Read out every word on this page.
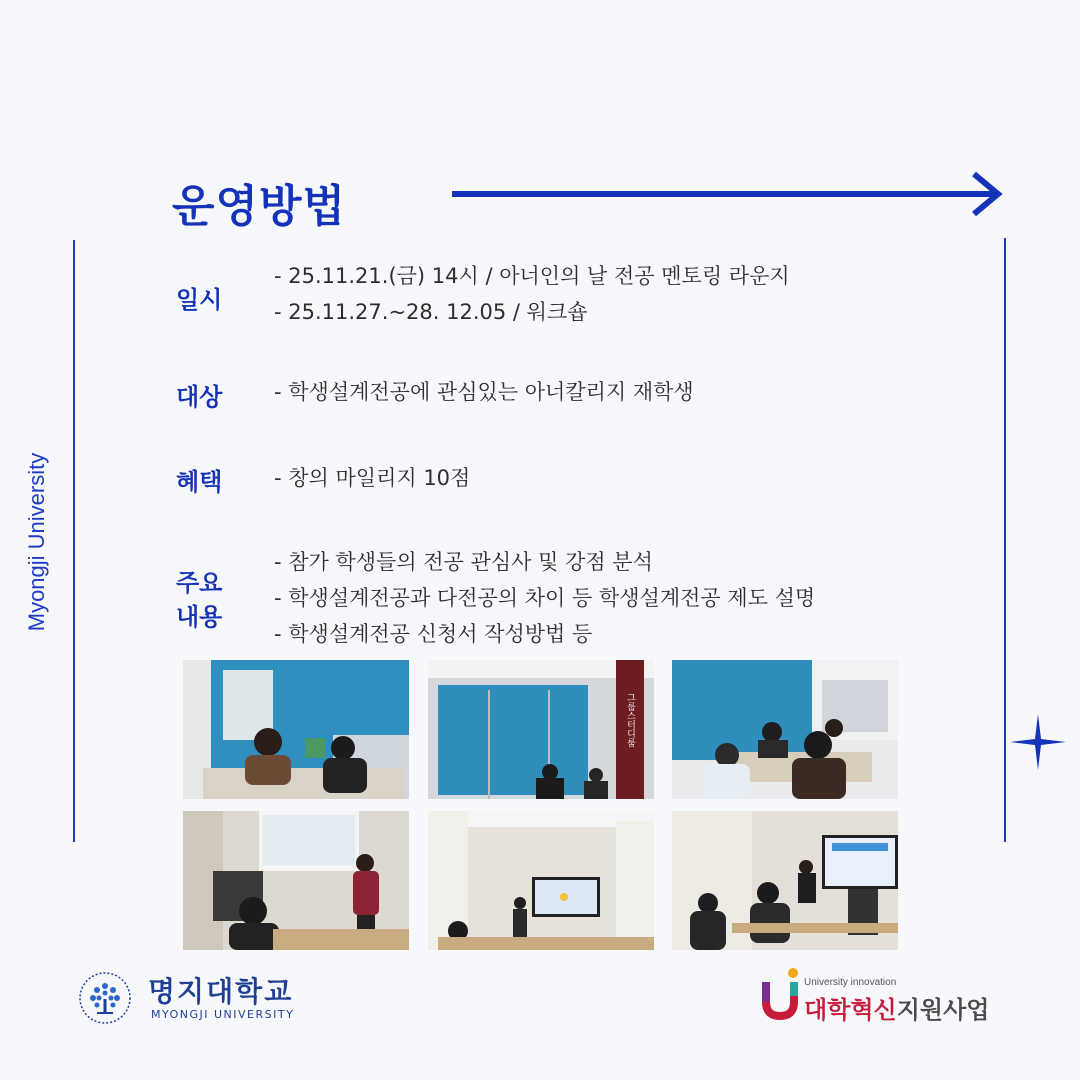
운영방법
Myongji University
일시
- 25.11.21.(금) 14시 / 아너인의 날 전공 멘토링 라운지
- 25.11.27.~28. 12.05 / 워크숍
대상 - 학생설계전공에 관심있는 아너칼리지 재학생
혜택 - 창의 마일리지 10점
주요
내용
- 참가 학생들의 전공 관심사 및 강점 분석
- 학생설계전공과 다전공의 차이 등 학생설계전공 제도 설명
- 학생설계전공 신청서 작성방법 등
그룹스터디룸
명지대학교
MYONGJI UNIVERSITY
University innovation
대학혁신지원사업
